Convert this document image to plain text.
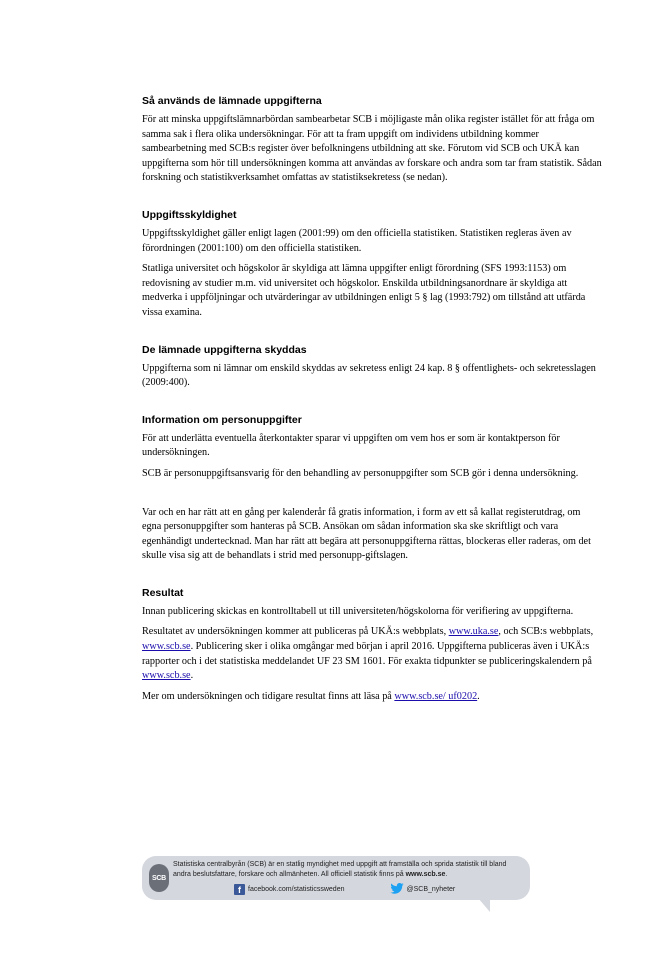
Så används de lämnade uppgifterna

För att minska uppgiftslämnarbördan sambearbetar SCB i möjligaste mån olika register istället för att fråga om samma sak i flera olika undersökningar. För att ta fram uppgift om individens utbildning kommer sambearbetning med SCB:s register över befolkningens utbildning att ske. Förutom vid SCB och UKÄ kan uppgifterna som hör till undersökningen komma att användas av forskare och andra som tar fram statistik. Sådan forskning och statistikverksamhet omfattas av statistiksekretess (se nedan).

Uppgiftsskyldighet

Uppgiftsskyldighet gäller enligt lagen (2001:99) om den officiella statistiken. Statistiken regleras även av förordningen (2001:100) om den officiella statistiken.

Statliga universitet och högskolor är skyldiga att lämna uppgifter enligt förordning (SFS 1993:1153) om redovisning av studier m.m. vid universitet och högskolor. Enskilda utbildningsanordnare är skyldiga att medverka i uppföljningar och utvärderingar av utbildningen enligt 5 § lag (1993:792) om tillstånd att utfärda vissa examina.

De lämnade uppgifterna skyddas

Uppgifterna som ni lämnar om enskild skyddas av sekretess enligt 24 kap. 8 § offentlighets- och sekretesslagen (2009:400).

Information om personuppgifter

För att underlätta eventuella återkontakter sparar vi uppgiften om vem hos er som är kontaktperson för undersökningen.

SCB är personuppgiftsansvarig för den behandling av personuppgifter som SCB gör i denna undersökning.

Var och en har rätt att en gång per kalenderår få gratis information, i form av ett så kallat registerutdrag, om egna personuppgifter som hanteras på SCB. Ansökan om sådan information ska ske skriftligt och vara egenhändigt undertecknad. Man har rätt att begära att personuppgifterna rättas, blockeras eller raderas, om det skulle visa sig att de behandlats i strid med personupp-giftslagen.

Resultat

Innan publicering skickas en kontrolltabell ut till universiteten/högskolorna för verifiering av uppgifterna.

Resultatet av undersökningen kommer att publiceras på UKÄ:s webbplats, www.uka.se, och SCB:s webbplats, www.scb.se. Publicering sker i olika omgångar med början i april 2016. Uppgifterna publiceras även i UKÄ:s rapporter och i det statistiska meddelandet UF 23 SM 1601. För exakta tidpunkter se publiceringskalendern på www.scb.se.

Mer om undersökningen och tidigare resultat finns att läsa på www.scb.se/ uf0202.

SCB
Statistiska centralbyrån (SCB) är en statlig myndighet med uppgift att framställa och sprida statistik till bland andra beslutsfattare, forskare och allmänheten. All officiell statistik finns på www.scb.se.
f	facebook.com/statisticssweden	@SCB_nyheter
